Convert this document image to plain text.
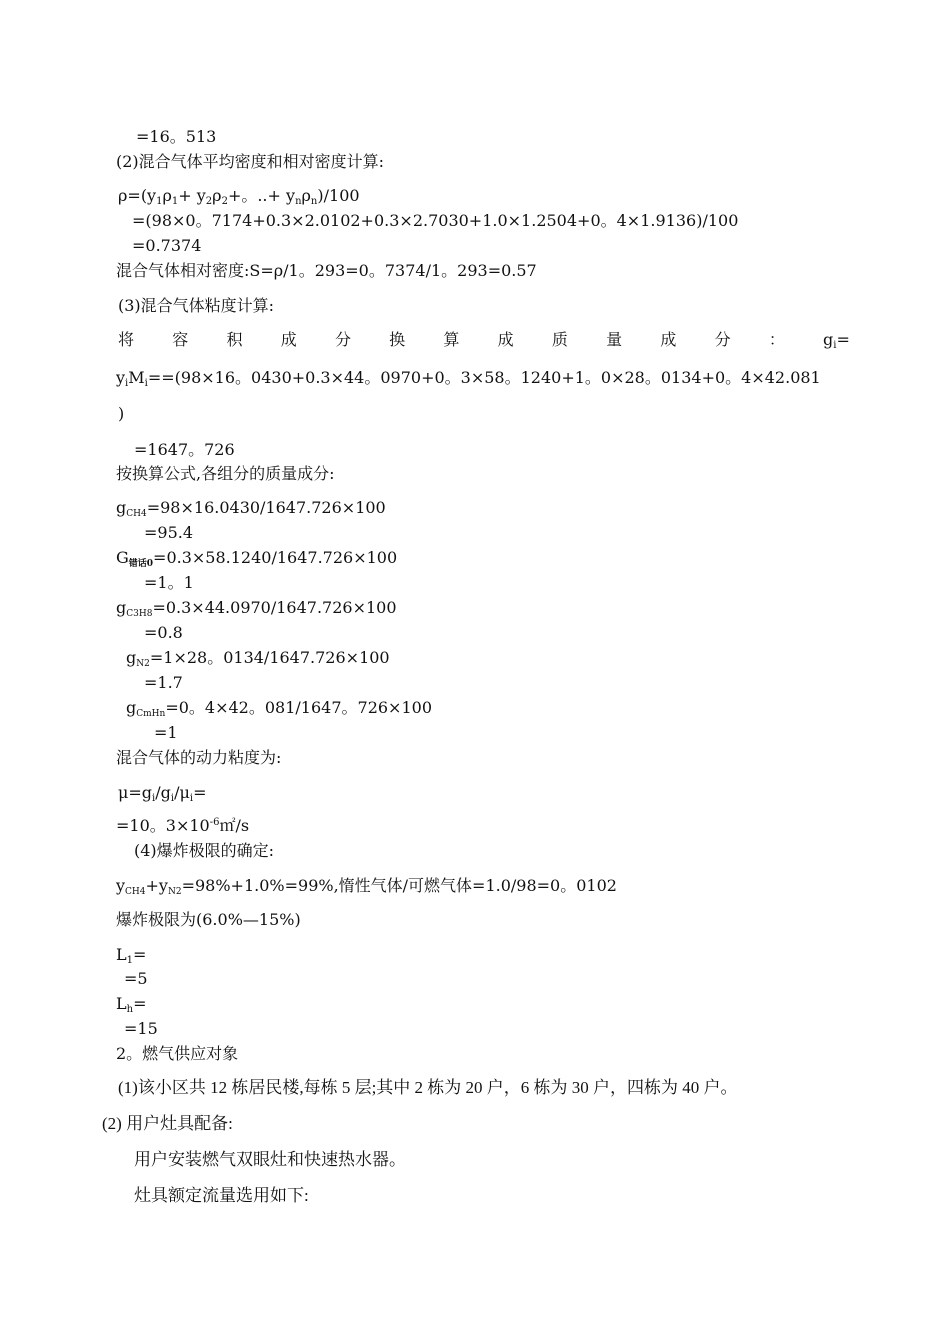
=16。513
(2)混合气体平均密度和相对密度计算:
$\rho=(y_1\rho_1+ y_2\rho_2+$。..+ $y_n\rho_n)/100$
=(98×0。7174+0.3×2.0102+0.3×2.7030+1.0×1.2504+0。4×1.9136)/100
=0.7374
混合气体相对密度:S=ρ/1。293=0。7374/1。293=0.57
(3)混合气体粘度计算:
将 容 积 成 分 换 算 成 质 量 成 分 ： $g_i=$
$y_iM_i==(98\times 16$。0430+0.3×44。0970+0。3×58。1240+1。0×28。0134+0。4×42.081
)
=1647。726
按换算公式,各组分的质量成分:
$g_{CH4}=98\times 16.0430/1647.726\times 100$
=95.4
$G_{错话0}=0.3\times 58.1240/1647.726\times 100$
=1。1
$g_{C3H8}=0.3\times 44.0970/1647.726\times 100$
=0.8
$g_{N2}=1\times 28$。0134/1647.726×100
=1.7
$g_{CmHn}=0$。4×42。081/1647。726×100
=1
混合气体的动力粘度为:
$\mu=g_i/g_i/\mu_i=$
=10。$3\times 10^{-6}㎡/s$
(4)爆炸极限的确定:
$y_{CH4}+y_{N2}=98\%+1.0\%=99\%$,惰性气体/可燃气体=1.0/98=0。0102
爆炸极限为(6.0%—15%)
$L_1=$
=5
$L_h=$
=15
2。燃气供应对象
(1)该小区共 12 栋居民楼,每栋 5 层;其中 2 栋为 20 户，6 栋为 30 户，四栋为 40 户。
(2) 用户灶具配备:
用户安装燃气双眼灶和快速热水器。
灶具额定流量选用如下:
